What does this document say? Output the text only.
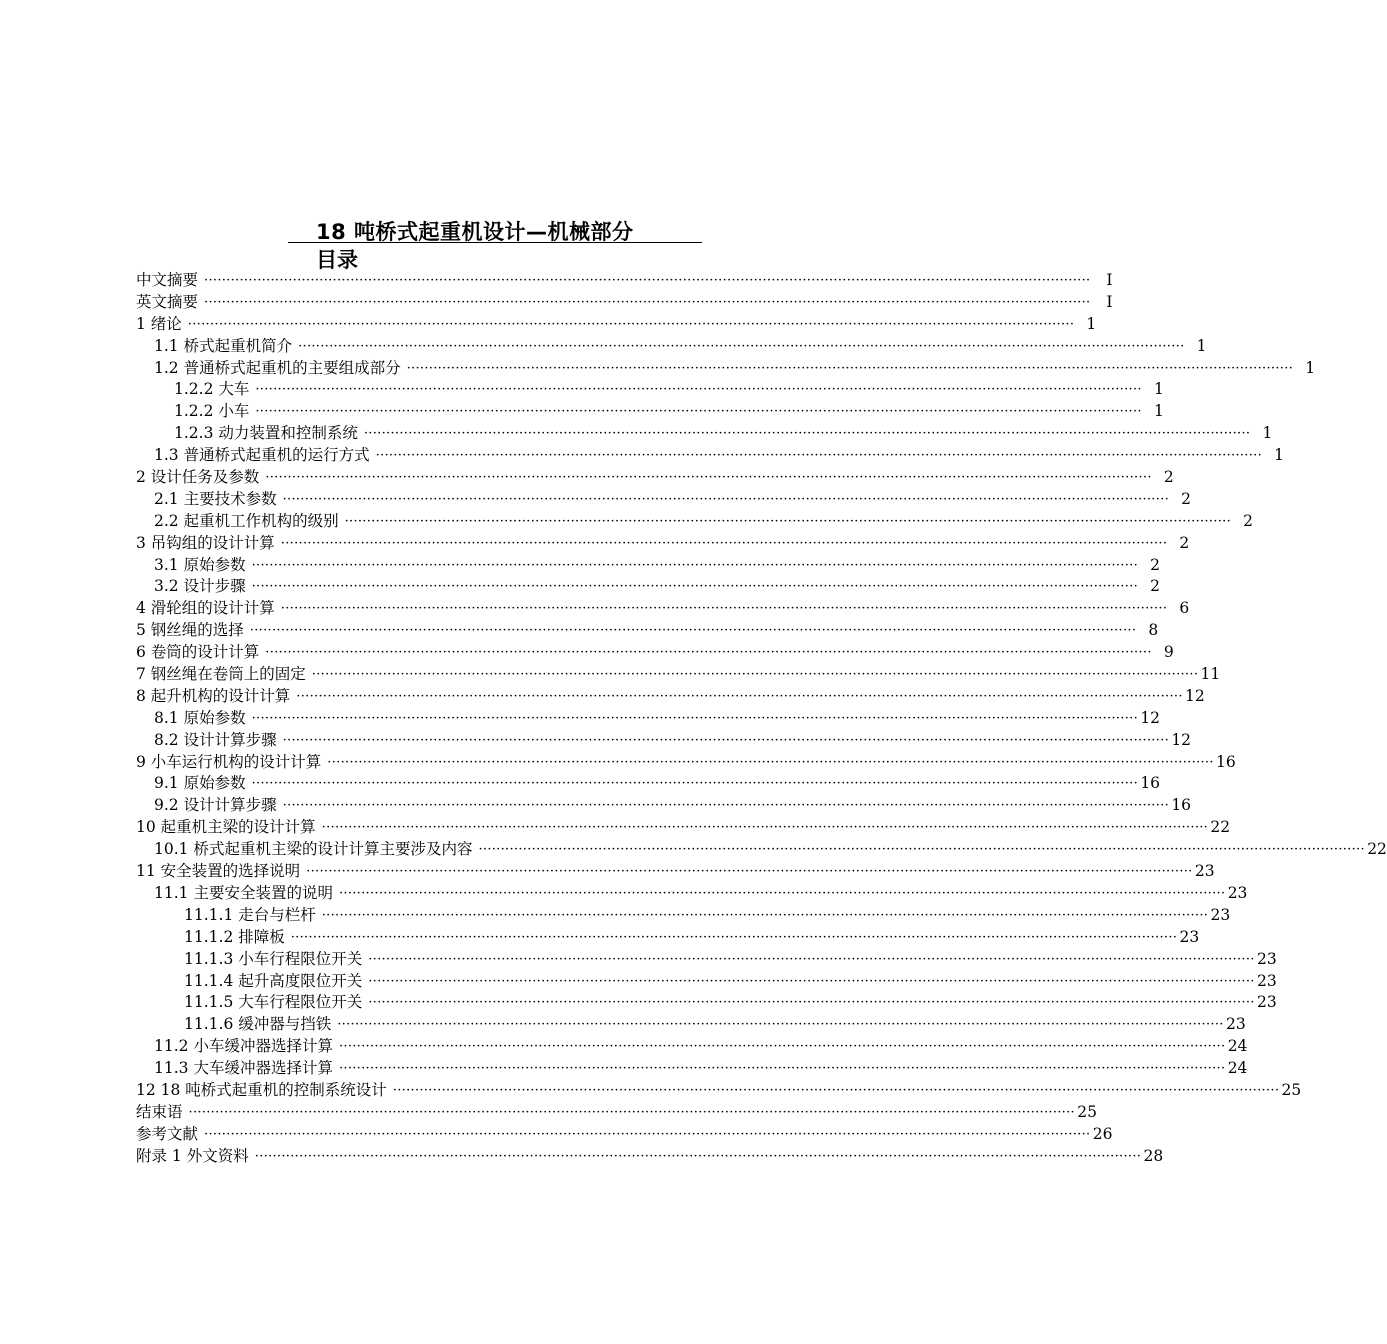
18 吨桥式起重机设计—机械部分
目录
中文摘要 ········································································································································································································	I
英文摘要 ········································································································································································································	I
1 绪论 ········································································································································································································ 1
1.1 桥式起重机简介 ········································································································································································································ 1
1.2 普通桥式起重机的主要组成部分 ········································································································································································································ 1
1.2.2 大车 ········································································································································································································ 1
1.2.2 小车 ········································································································································································································ 1
1.2.3 动力装置和控制系统 ········································································································································································································ 1
1.3 普通桥式起重机的运行方式 ········································································································································································································ 1
2 设计任务及参数 ········································································································································································································ 2
2.1 主要技术参数 ········································································································································································································ 2
2.2 起重机工作机构的级别 ········································································································································································································ 2
3 吊钩组的设计计算 ········································································································································································································ 2
3.1 原始参数 ········································································································································································································ 2
3.2 设计步骤 ········································································································································································································ 2
4 滑轮组的设计计算 ········································································································································································································ 6
5 钢丝绳的选择 ········································································································································································································ 8
6 卷筒的设计计算 ········································································································································································································ 9
7 钢丝绳在卷筒上的固定 ········································································································································································································ 11
8 起升机构的设计计算 ········································································································································································································ 12
8.1 原始参数 ········································································································································································································ 12
8.2 设计计算步骤 ········································································································································································································ 12
9 小车运行机构的设计计算 ········································································································································································································ 16
9.1 原始参数 ········································································································································································································ 16
9.2 设计计算步骤 ········································································································································································································ 16
10 起重机主梁的设计计算 ········································································································································································································ 22
10.1 桥式起重机主梁的设计计算主要涉及内容 ········································································································································································································ 22
11 安全装置的选择说明 ········································································································································································································ 23
11.1 主要安全装置的说明 ········································································································································································································ 23
11.1.1 走台与栏杆 ········································································································································································································ 23
11.1.2 排障板 ········································································································································································································ 23
11.1.3 小车行程限位开关 ········································································································································································································ 23
11.1.4 起升高度限位开关 ········································································································································································································ 23
11.1.5 大车行程限位开关 ········································································································································································································ 23
11.1.6 缓冲器与挡铁 ········································································································································································································ 23
11.2 小车缓冲器选择计算 ········································································································································································································ 24
11.3 大车缓冲器选择计算 ········································································································································································································ 24
12 18 吨桥式起重机的控制系统设计 ········································································································································································································ 25
结束语 ········································································································································································································ 25
参考文献 ········································································································································································································ 26
附录 1 外文资料 ········································································································································································································ 28
